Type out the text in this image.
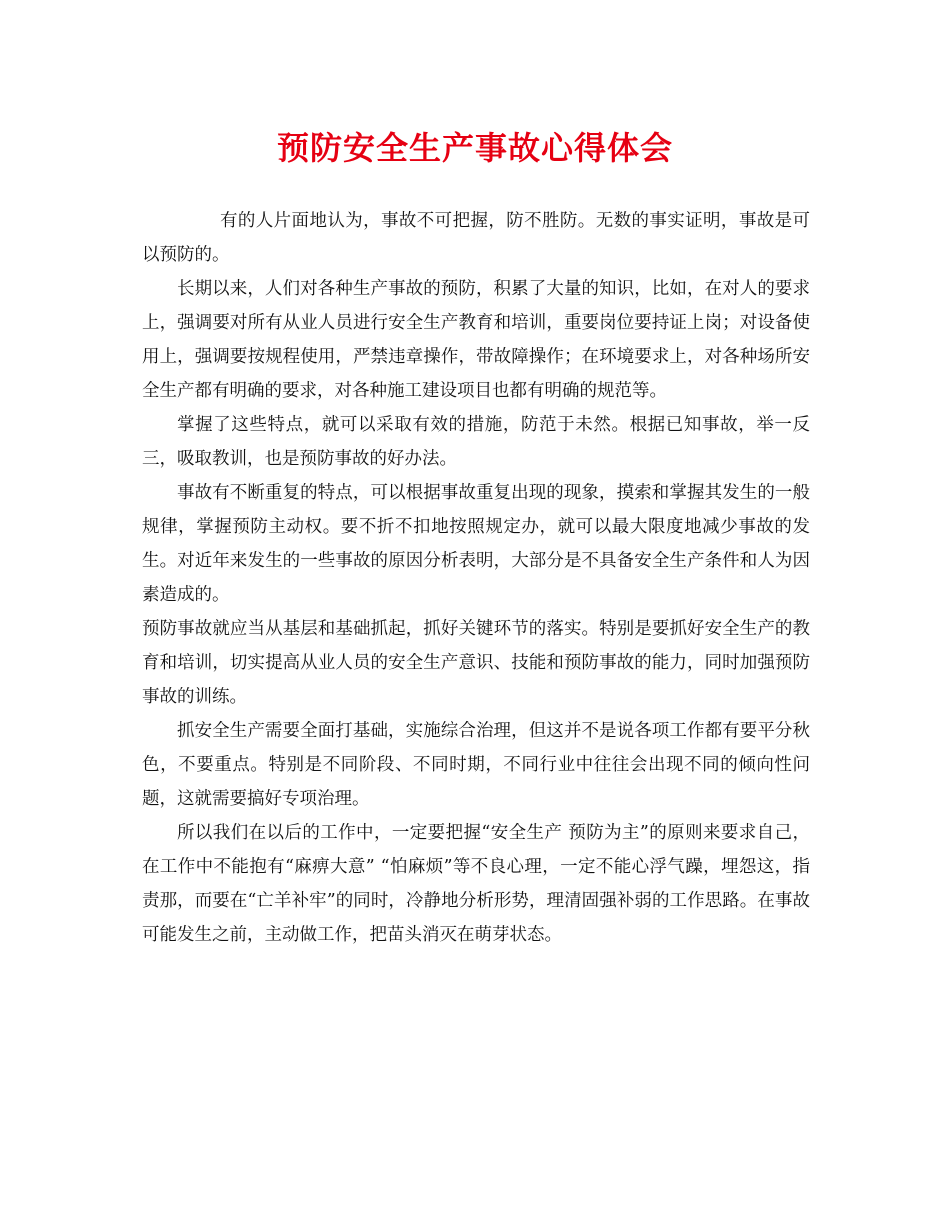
预防安全生产事故心得体会

有的人片面地认为，事故不可把握，防不胜防。无数的事实证明，事故是可以预防的。

长期以来，人们对各种生产事故的预防，积累了大量的知识，比如，在对人的要求上，强调要对所有从业人员进行安全生产教育和培训，重要岗位要持证上岗；对设备使用上，强调要按规程使用，严禁违章操作，带故障操作；在环境要求上，对各种场所安全生产都有明确的要求，对各种施工建设项目也都有明确的规范等。

掌握了这些特点，就可以采取有效的措施，防范于未然。根据已知事故，举一反三，吸取教训，也是预防事故的好办法。

事故有不断重复的特点，可以根据事故重复出现的现象，摸索和掌握其发生的一般规律，掌握预防主动权。要不折不扣地按照规定办，就可以最大限度地减少事故的发生。对近年来发生的一些事故的原因分析表明，大部分是不具备安全生产条件和人为因素造成的。

预防事故就应当从基层和基础抓起，抓好关键环节的落实。特别是要抓好安全生产的教育和培训，切实提高从业人员的安全生产意识、技能和预防事故的能力，同时加强预防事故的训练。

抓安全生产需要全面打基础，实施综合治理，但这并不是说各项工作都有要平分秋色，不要重点。特别是不同阶段、不同时期，不同行业中往往会出现不同的倾向性问题，这就需要搞好专项治理。

所以我们在以后的工作中，一定要把握“安全生产 预防为主”的原则来要求自己，在工作中不能抱有“麻痹大意” “怕麻烦”等不良心理，一定不能心浮气躁，埋怨这，指责那，而要在“亡羊补牢”的同时，冷静地分析形势，理清固强补弱的工作思路。在事故可能发生之前，主动做工作，把苗头消灭在萌芽状态。
